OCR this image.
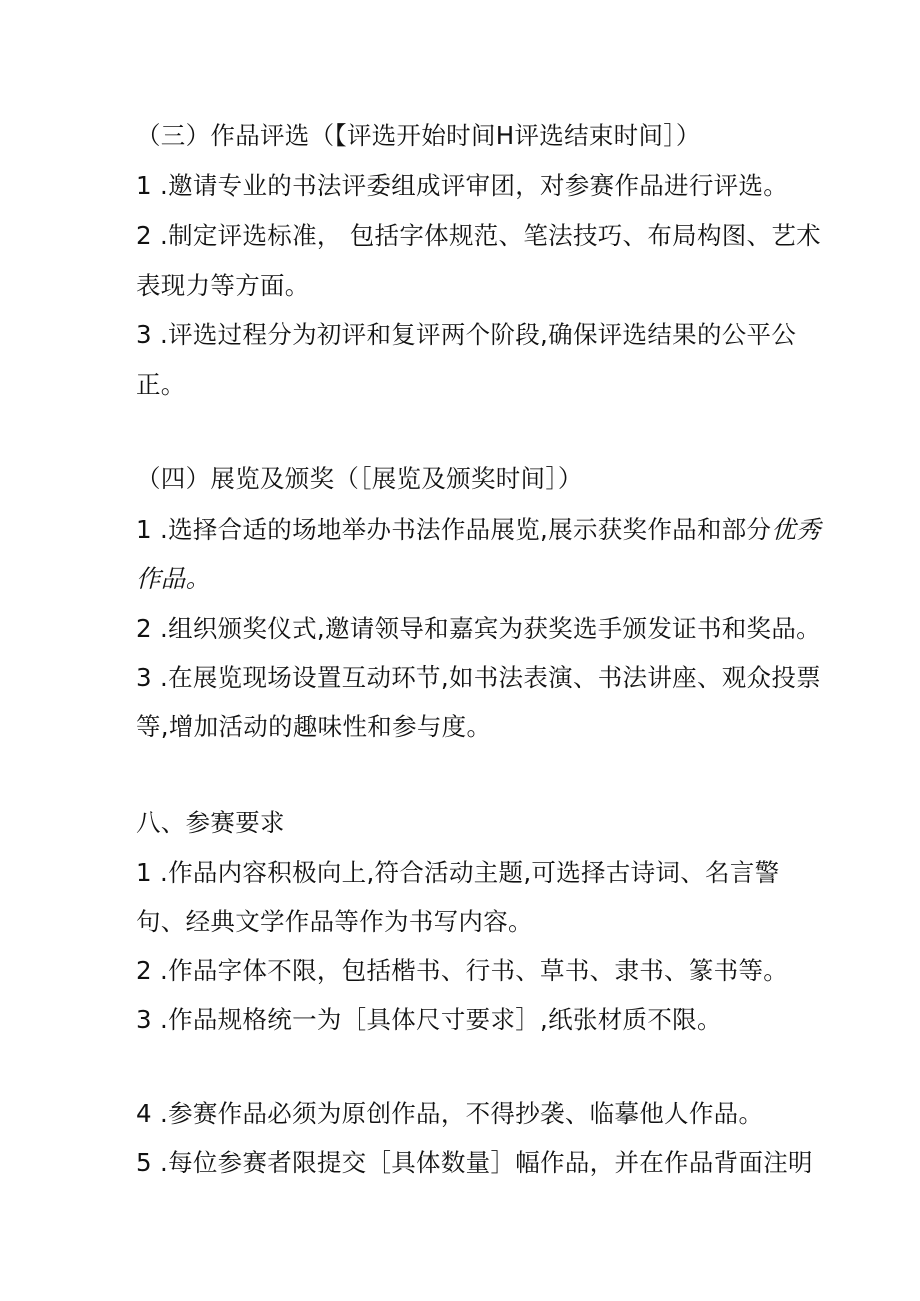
（三）作品评选（【评选开始时间H评选结束时间］）
1 .邀请专业的书法评委组成评审团，对参赛作品进行评选。
2 .制定评选标准， 包括字体规范、笔法技巧、布局构图、艺术
表现力等方面。
3 .评选过程分为初评和复评两个阶段,确保评选结果的公平公
正。
（四）展览及颁奖（［展览及颁奖时间］）
1 .选择合适的场地举办书法作品展览,展示获奖作品和部分优秀
作品。
2 .组织颁奖仪式,邀请领导和嘉宾为获奖选手颁发证书和奖品。
3 .在展览现场设置互动环节,如书法表演、书法讲座、观众投票
等,增加活动的趣味性和参与度。
八、参赛要求
1 .作品内容积极向上,符合活动主题,可选择古诗词、名言警
句、经典文学作品等作为书写内容。
2 .作品字体不限，包括楷书、行书、草书、隶书、篆书等。
3 .作品规格统一为［具体尺寸要求］,纸张材质不限。
4 .参赛作品必须为原创作品，不得抄袭、临摹他人作品。
5 .每位参赛者限提交［具体数量］幅作品，并在作品背面注明
